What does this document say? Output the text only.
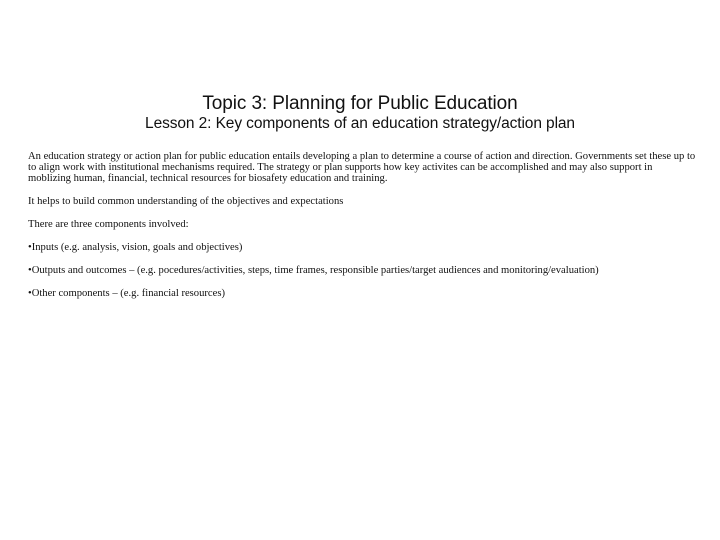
Topic 3: Planning for Public Education
Lesson 2: Key components of an education strategy/action plan

An education strategy or action plan for public education entails developing a plan to determine a course of action and direction. Governments set these up to to align work with institutional mechanisms required. The strategy or plan supports how key activites can be accomplished and may also support in moblizing human, financial, technical resources for biosafety education and training.

It helps to build common understanding of the objectives and expectations

There are three components involved:

•Inputs (e.g. analysis, vision, goals and objectives)

•Outputs and outcomes – (e.g. pocedures/activities, steps, time frames, responsible parties/target audiences and monitoring/evaluation)

•Other components – (e.g. financial resources)
